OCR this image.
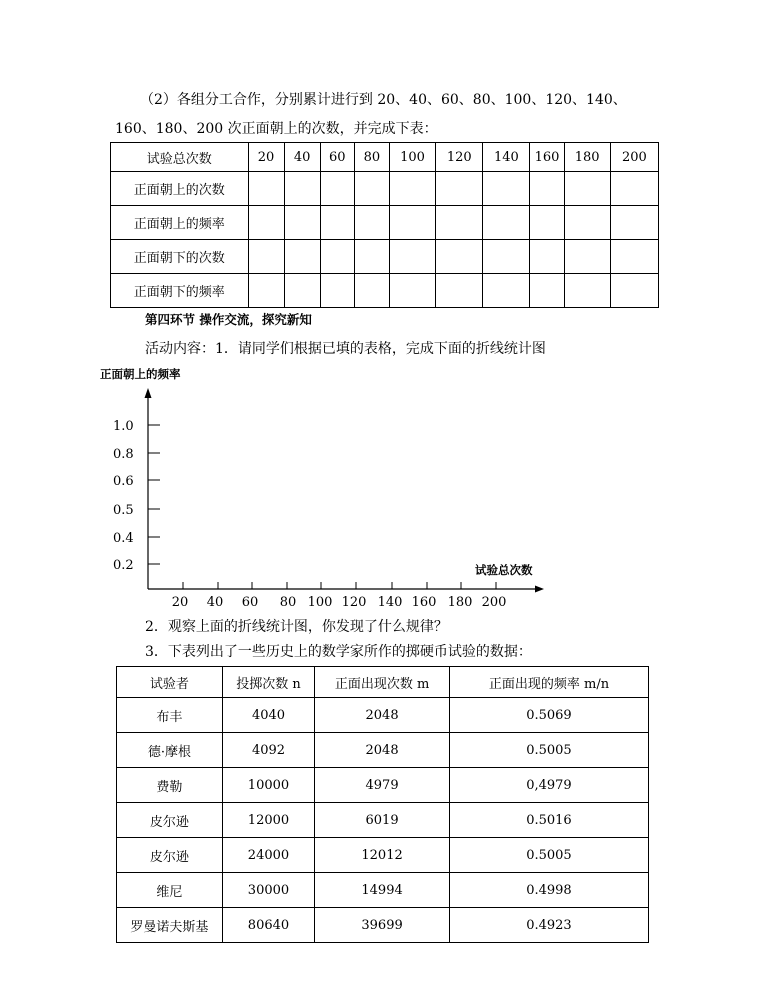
（2）各组分工合作，分别累计进行到 20、40、60、80、100、120、140、
160、180、200 次正面朝上的次数，并完成下表：
试验总次数	20	40	60	80	100	120	140	160	180	200
正面朝上的次数										
正面朝上的频率										
正面朝下的次数										
正面朝下的频率										
第四环节 操作交流，探究新知
活动内容：1．请同学们根据已填的表格，完成下面的折线统计图
正面朝上的频率
试验总次数
1.0
0.8
0.6
0.5
0.4
0.2
20 40 60 80 100 120 140 160 180 200
2．观察上面的折线统计图，你发现了什么规律？
3．下表列出了一些历史上的数学家所作的掷硬币试验的数据：
试验者	投掷次数 n	正面出现次数 m	正面出现的频率 m/n
布丰	4040	2048	0.5069
德·摩根	4092	2048	0.5005
费勒	10000	4979	0,4979
皮尔逊	12000	6019	0.5016
皮尔逊	24000	12012	0.5005
维尼	30000	14994	0.4998
罗曼诺夫斯基	80640	39699	0.4923
